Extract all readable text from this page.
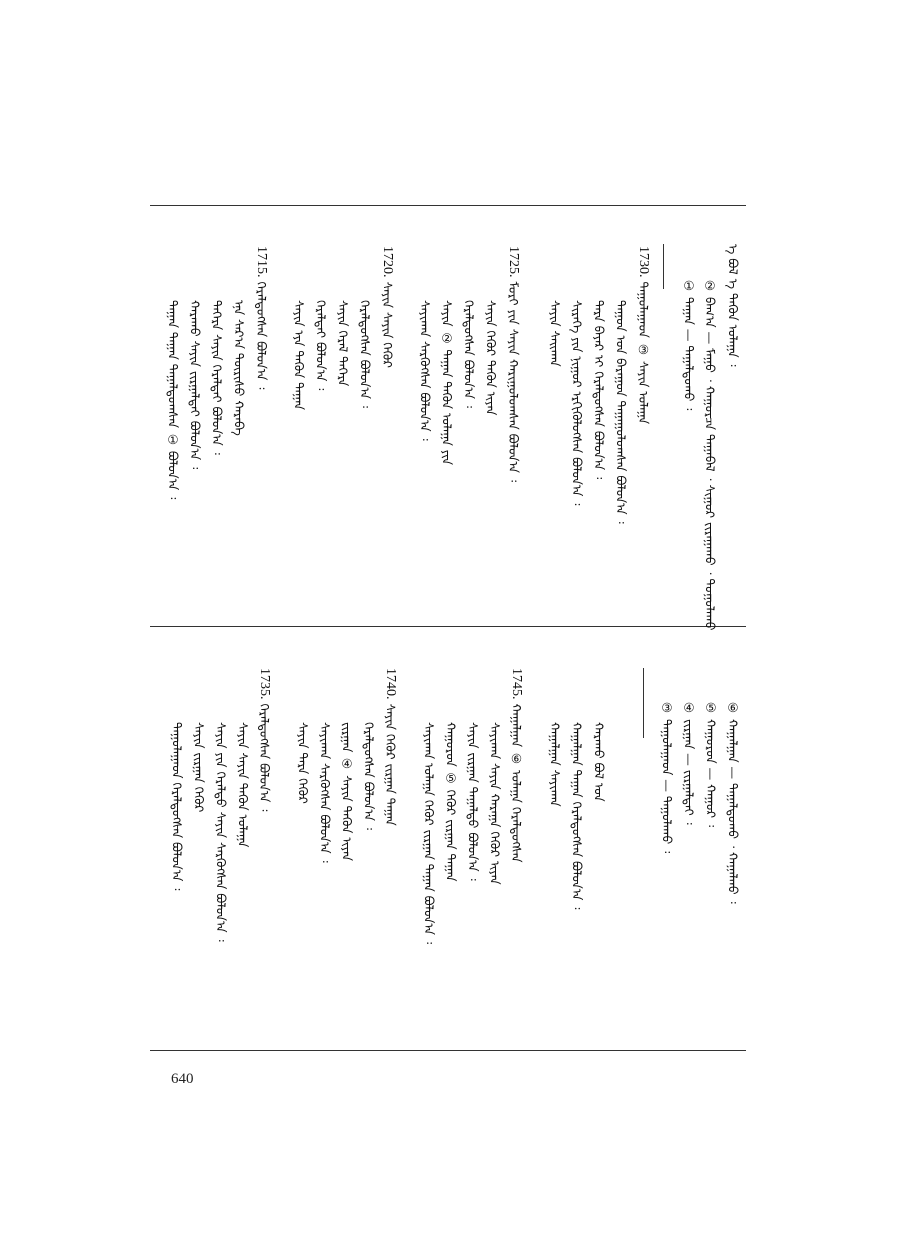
ᠡ ᠪᠣᠯ ᠡ ᠲᠡᠭᠦᠨ ᠤᠯᠠᠭᠠ ᠄
② ᠪᠠᠭ᠎ᠠ — ᠮᠠᠭᠤ ᠂ ᠬᠠᠭᠤᠷᠴᠠ ᠳᠠᠭᠠᠪᠠᠯ ᠂ ᠰᠢᠭᠤᠷ ᠵᠢᠷᠠᠭᠠᠬᠤ ᠂ ᠲᠣᠭᠤᠯᠠᠬᠤ
① ᠳᠠᠭᠠᠨ — ᠳᠠᠭᠠᠯᠳᠤᠬᠤ ᠄
1730. ᠳᠠᠭᠤᠯᠠᠭᠠᠳ ③ ᠰᠠᠶᠢᠨ ᠤᠯᠠᠭᠠ
ᠳᠠᠭᠤᠨ ᠤᠨ ᠪᠠᠷᠠᠭᠤᠨ ᠳᠠᠭᠠᠭᠤᠯᠤᠭᠰᠠᠨ ᠪᠣᠯᠤᠨ᠎ᠠ ᠄
ᠳᠡᠷᠡ ᠪᠠᠶᠠᠷ ᠢ ᠭᠡᠷᠡᠯᠲᠦᠭᠰᠡᠨ ᠪᠣᠯᠤᠨ᠎ᠠ ᠄
ᠰᠢᠷᠡᠭᠡ ᠶᠢᠨ ᠨᠢᠭᠤᠷ ᠡᠷᠭᠢᠭᠦᠯᠦᠭᠰᠡᠨ ᠪᠣᠯᠤᠨ᠎ᠠ ᠄
ᠰᠠᠶᠢᠨ ᠰᠠᠢᠬᠠᠨ
1725. ᠮᠣᠷᠢ ᠶᠢᠨ ᠰᠠᠶᠢᠨ ᠬᠠᠷᠢᠭᠤᠯᠤᠭᠰᠠᠨ ᠪᠣᠯᠤᠨ᠎ᠠ ᠄
ᠰᠠᠶᠢᠨ ᠬᠡᠭᠦᠷ ᠲᠡᠭᠦᠨ ᠢᠶᠡᠨ
ᠭᠡᠷᠡᠯᠲᠦᠭᠰᠡᠨ ᠪᠣᠯᠤᠨ᠎ᠠ ᠄
ᠰᠠᠶᠢᠨ ② ᠳᠠᠭᠠᠨ ᠲᠡᠭᠦᠨ ᠤᠯᠠᠭᠠ ᠶᠢᠨ
ᠰᠠᠶᠢᠬᠠᠨ ᠰᠡᠷᠭᠦᠭᠰᠡᠨ ᠪᠣᠯᠤᠨ᠎ᠠ ᠄
1720. ᠰᠠᠶᠢᠨ ᠰᠠᠶᠢᠨ ᠬᠡᠭᠦᠷ
ᠭᠡᠷᠡᠯᠲᠦᠭᠰᠡᠨ ᠪᠣᠯᠤᠨ᠎ᠠ ᠄
ᠰᠠᠶᠢᠨ ᠭᠡᠷᠡᠯ ᠳᠡᠭᠡᠷᠡ
ᠭᠡᠷᠡᠯᠲᠡᠢ ᠪᠣᠯᠤᠨ᠎ᠠ ᠄
ᠰᠠᠶᠢᠨ ᠡᠶᠡ ᠲᠡᠭᠦᠨ ᠳᠠᠭᠠᠨ
1715. ᠭᠡᠷᠡᠯᠲᠦᠭᠰᠡᠨ ᠪᠣᠯᠤᠨ᠎ᠠ ᠄
ᠡᠨᠡ ᠰᠠᠷ᠎ᠠ ᠳᠦᠷᠢᠰᠦ ᠬᠠᠷᠠᠪᠠ
ᠳᠡᠭᠡᠷᠡ ᠰᠠᠶᠢᠨ ᠭᠡᠷᠡᠯᠲᠡᠢ ᠪᠣᠯᠤᠨ᠎ᠠ ᠄
ᠬᠠᠷᠠᠬᠤ ᠰᠠᠶᠢᠨ ᠵᠢᠷᠭᠠᠯᠲᠠᠢ ᠪᠣᠯᠤᠨ᠎ᠠ ᠄
ᠳᠠᠭᠠᠨ ᠳᠠᠭᠠᠨ ᠳᠠᠭᠠᠯᠳᠤᠭᠰᠠᠨ ① ᠪᠣᠯᠤᠨ᠎ᠠ ᠄
⑥ ᠬᠠᠭᠠᠯᠭᠠᠨ — ᠳᠠᠭᠠᠯᠳᠤᠬᠤ ᠂ ᠬᠠᠭᠠᠯᠬᠤ ᠄
⑤ ᠬᠠᠭᠤᠷᠤᠨ — ᠬᠠᠭᠤᠷ ᠄
④ ᠵᠢᠷᠭᠠᠨ — ᠵᠢᠷᠭᠠᠯᠲᠠᠢ ᠄
③ ᠳᠠᠭᠤᠯᠠᠭᠠᠳ — ᠳᠠᠭᠤᠯᠠᠬᠤ ᠄
ᠬᠠᠷᠠᠬᠤ ᠪᠣᠯ ᠤᠨ
ᠬᠠᠭᠠᠯᠭᠠᠨ ᠳᠠᠭᠠᠨ ᠭᠡᠷᠡᠯᠲᠦᠭᠰᠡᠨ ᠪᠣᠯᠤᠨ᠎ᠠ ᠄
ᠬᠠᠭᠠᠯᠭᠠᠨ ᠰᠠᠶᠢᠬᠠᠨ
1745. ᠬᠠᠭᠠᠯᠭᠠᠨ ⑥ ᠤᠯᠠᠭᠠ ᠭᠡᠷᠡᠯᠲᠦᠭᠰᠡᠨ
ᠰᠠᠶᠢᠬᠠᠨ ᠰᠠᠶᠢᠨ ᠬᠠᠷᠠᠭᠠ ᠬᠡᠭᠦᠷ ᠢᠶᠡᠨ
ᠰᠠᠶᠢᠨ ᠵᠢᠷᠭᠠᠨ ᠳᠠᠭᠠᠯᠳᠤ ᠪᠣᠯᠤᠨ᠎ᠠ ᠄
ᠬᠠᠭᠤᠷᠤᠨ ⑤ ᠬᠡᠭᠦᠷ ᠵᠢᠷᠭᠠᠨ ᠳᠠᠭᠠᠨ
ᠰᠠᠶᠢᠬᠠᠨ ᠤᠯᠠᠭᠠ ᠬᠡᠭᠦᠷ ᠵᠢᠷᠭᠠᠨ ᠳᠠᠭᠠᠨ ᠪᠣᠯᠤᠨ᠎ᠠ ᠄
1740. ᠰᠠᠶᠢᠨ ᠬᠡᠭᠦᠷ ᠵᠢᠷᠭᠠᠨ ᠳᠠᠭᠠᠨ
ᠭᠡᠷᠡᠯᠲᠦᠭᠰᠡᠨ ᠪᠣᠯᠤᠨ᠎ᠠ ᠄
ᠵᠢᠷᠭᠠᠨ ④ ᠰᠠᠶᠢᠨ ᠲᠡᠭᠦᠨ ᠢᠶᠡᠨ
ᠰᠠᠶᠢᠬᠠᠨ ᠰᠡᠷᠭᠦᠭᠰᠡᠨ ᠪᠣᠯᠤᠨ᠎ᠠ ᠄
ᠰᠠᠶᠢᠨ ᠳᠡᠷᠡ ᠬᠡᠭᠦᠷ
1735. ᠭᠡᠷᠡᠯᠲᠦᠭᠰᠡᠨ ᠪᠣᠯᠤᠨ᠎ᠠ ᠄
ᠰᠠᠶᠢᠨ ᠰᠠᠶᠢᠨ ᠲᠡᠭᠦᠨ ᠤᠯᠠᠭᠠ
ᠰᠠᠶᠢᠨ ᠶᠢᠨ ᠭᠡᠷᠡᠯᠲᠦ ᠰᠠᠶᠢᠨ ᠰᠡᠷᠭᠦᠭᠰᠡᠨ ᠪᠣᠯᠤᠨ᠎ᠠ ᠄
ᠰᠠᠶᠢᠨ ᠵᠢᠷᠭᠠᠨ ᠬᠡᠭᠦᠷ
ᠳᠠᠭᠤᠯᠠᠭᠠᠳ ᠭᠡᠷᠡᠯᠲᠦᠭᠰᠡᠨ ᠪᠣᠯᠤᠨ᠎ᠠ ᠄
640
